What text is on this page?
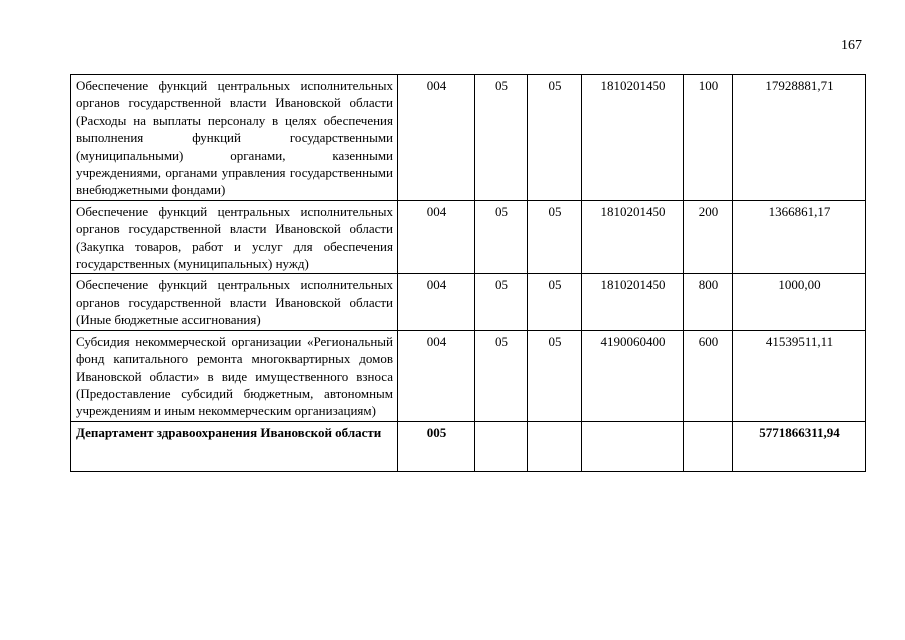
167
Обеспечение функций центральных исполнительных органов государственной власти Ивановской области (Расходы на выплаты персоналу в целях обеспечения выполнения функций государственными (муниципальными) органами, казенными учреждениями, органами управления государственными внебюджетными фондами)	004	05	05	1810201450	100	17928881,71
Обеспечение функций центральных исполнительных органов государственной власти Ивановской области (Закупка товаров, работ и услуг для обеспечения государственных (муниципальных) нужд)	004	05	05	1810201450	200	1366861,17
Обеспечение функций центральных исполнительных органов государственной власти Ивановской области (Иные бюджетные ассигнования)	004	05	05	1810201450	800	1000,00
Субсидия некоммерческой организации «Региональный фонд капитального ремонта многоквартирных домов Ивановской области» в виде имущественного взноса (Предоставление субсидий бюджетным, автономным учреждениям и иным некоммерческим организациям)	004	05	05	4190060400	600	41539511,11
Департамент здравоохранения Ивановской области	005					5771866311,94
